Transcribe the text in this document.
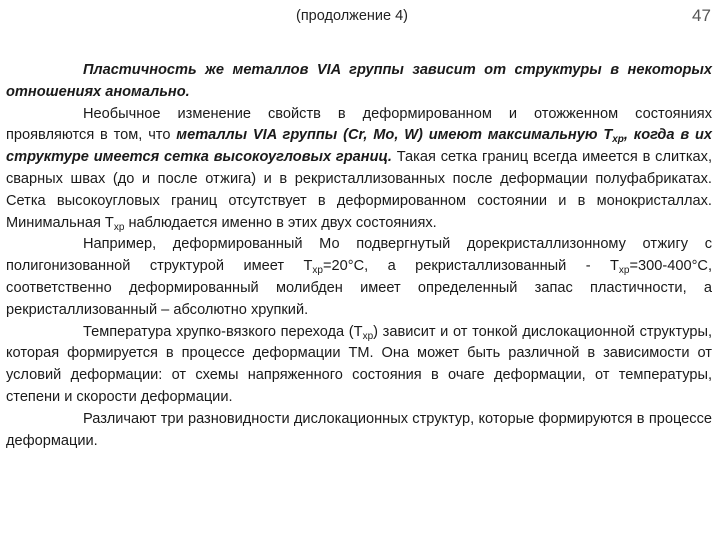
(продолжение 4)	47

Пластичность же металлов VIA группы зависит от структуры в некоторых отношениях аномально.

Необычное изменение свойств в деформированном и отожженном состояниях проявляются в том, что металлы VIA группы (Cr, Mo, W) имеют максимальную $Т_{хр}$, когда в их структуре имеется сетка высокоугловых границ. Такая сетка границ всегда имеется в слитках, сварных швах (до и после отжига) и в рекристаллизованных после деформации полуфабрикатах. Сетка высокоугловых границ отсутствует в деформированном состоянии и в монокристаллах. Минимальная $Т_{хр}$ наблюдается именно в этих двух состояниях.

Например, деформированный Мо подвергнутый дорекристаллизонному отжигу с полигонизованной структурой имеет $Т_{хр}=20^\circ С$, а рекристаллизованный - $Т_{хр}=300-400^\circ С$, соответственно деформированный молибден имеет определенный запас пластичности, а рекристаллизованный – абсолютно хрупкий.

Температура хрупко-вязкого перехода $(Т_{хр})$ зависит и от тонкой дислокационной структуры, которая формируется в процессе деформации ТМ. Она может быть различной в зависимости от условий деформации: от схемы напряженного состояния в очаге деформации, от температуры, степени и скорости деформации.

Различают три разновидности дислокационных структур, которые формируются в процессе деформации.
